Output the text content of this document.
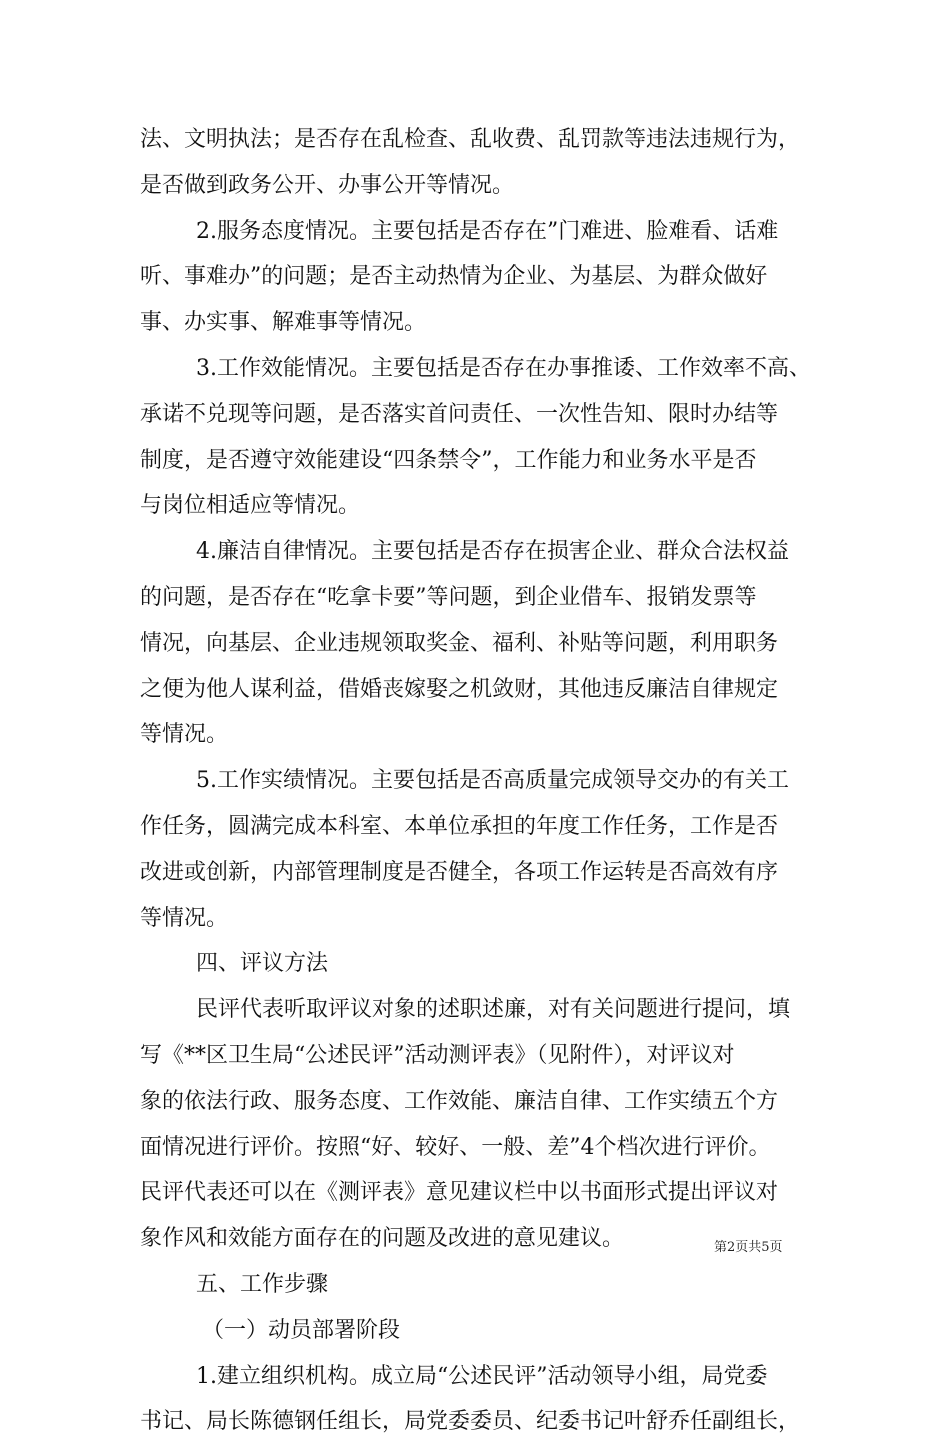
法、文明执法；是否存在乱检查、乱收费、乱罚款等违法违规行为，
是否做到政务公开、办事公开等情况。
2.服务态度情况。主要包括是否存在”门难进、脸难看、话难
听、事难办”的问题；是否主动热情为企业、为基层、为群众做好
事、办实事、解难事等情况。
3.工作效能情况。主要包括是否存在办事推诿、工作效率不高、
承诺不兑现等问题，是否落实首问责任、一次性告知、限时办结等
制度，是否遵守效能建设“四条禁令”，工作能力和业务水平是否
与岗位相适应等情况。
4.廉洁自律情况。主要包括是否存在损害企业、群众合法权益
的问题，是否存在“吃拿卡要”等问题，到企业借车、报销发票等
情况，向基层、企业违规领取奖金、福利、补贴等问题，利用职务
之便为他人谋利益，借婚丧嫁娶之机敛财，其他违反廉洁自律规定
等情况。
5.工作实绩情况。主要包括是否高质量完成领导交办的有关工
作任务，圆满完成本科室、本单位承担的年度工作任务，工作是否
改进或创新，内部管理制度是否健全，各项工作运转是否高效有序
等情况。
四、评议方法
民评代表听取评议对象的述职述廉，对有关问题进行提问，填
写《**区卫生局“公述民评”活动测评表》（见附件），对评议对
象的依法行政、服务态度、工作效能、廉洁自律、工作实绩五个方
面情况进行评价。按照“好、较好、一般、差”4个档次进行评价。
民评代表还可以在《测评表》意见建议栏中以书面形式提出评议对
象作风和效能方面存在的问题及改进的意见建议。
五、工作步骤
（一）动员部署阶段
1.建立组织机构。成立局“公述民评”活动领导小组，局党委
书记、局长陈德钢任组长，局党委委员、纪委书记叶舒乔任副组长，
第2页共5页
